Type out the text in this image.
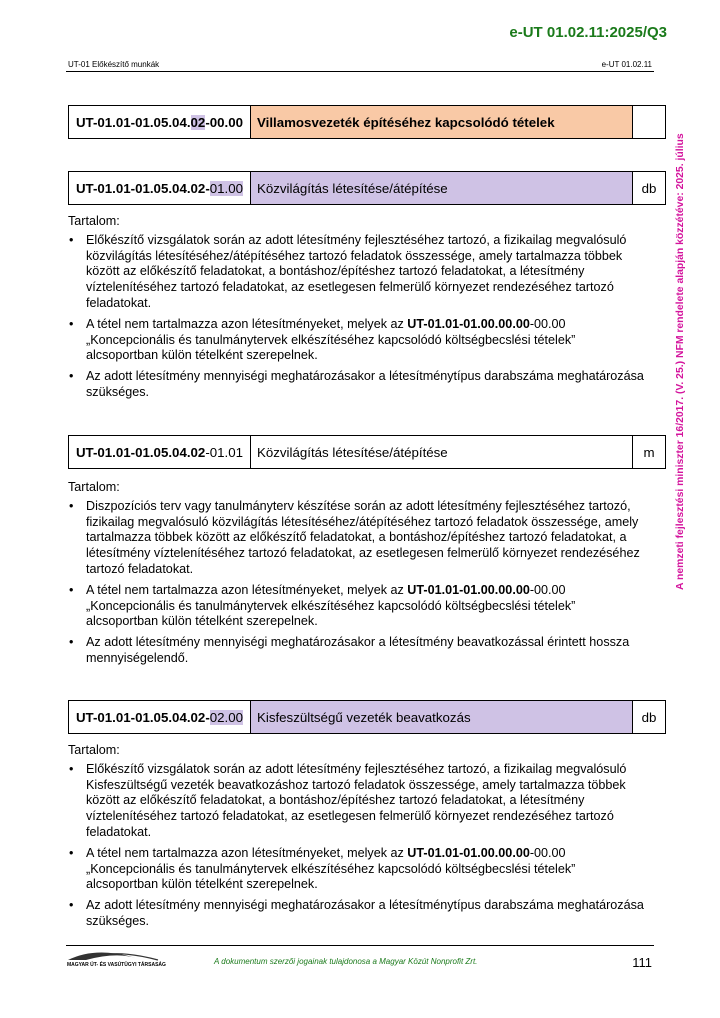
e-UT 01.02.11:2025/Q3
UT-01 Előkészítő munkák	e-UT 01.02.11
A nemzeti fejlesztési miniszter 16/2017. (V. 25.) NFM rendelete alapján közzétéve: 2025. július
UT-01.01-01.05.04. 02 -00.00	Villamosvezeték építéséhez kapcsolódó tételek
UT-01.01-01.05.04.02- 01.00	Közvilágítás létesítése/átépítése	db
Tartalom:
• Előkészítő vizsgálatok során az adott létesítmény fejlesztéséhez tartozó, a fizikailag megvalósuló közvilágítás létesítéséhez/átépítéséhez tartozó feladatok összessége, amely tartalmazza többek között az előkészítő feladatokat, a bontáshoz/építéshez tartozó feladatokat, a létesítmény víztelenítéséhez tartozó feladatokat, az esetlegesen felmerülő környezet rendezéséhez tartozó feladatokat.
• A tétel nem tartalmazza azon létesítményeket, melyek az UT-01.01-01.00.00.00-00.00 „Koncepcionális és tanulmánytervek elkészítéséhez kapcsolódó költségbecslési tételek” alcsoportban külön tételként szerepelnek.
• Az adott létesítmény mennyiségi meghatározásakor a létesítménytípus darabszáma meghatározása szükséges.
UT-01.01-01.05.04.02 -01.01	Közvilágítás létesítése/átépítése	m
Tartalom:
• Diszpozíciós terv vagy tanulmányterv készítése során az adott létesítmény fejlesztéséhez tartozó, fizikailag megvalósuló közvilágítás létesítéséhez/átépítéséhez tartozó feladatok összessége, amely tartalmazza többek között az előkészítő feladatokat, a bontáshoz/építéshez tartozó feladatokat, a létesítmény víztelenítéséhez tartozó feladatokat, az esetlegesen felmerülő környezet rendezéséhez tartozó feladatokat.
• A tétel nem tartalmazza azon létesítményeket, melyek az UT-01.01-01.00.00.00-00.00 „Koncepcionális és tanulmánytervek elkészítéséhez kapcsolódó költségbecslési tételek” alcsoportban külön tételként szerepelnek.
• Az adott létesítmény mennyiségi meghatározásakor a létesítmény beavatkozással érintett hossza mennyiségelendő.
UT-01.01-01.05.04.02- 02.00	Kisfeszültségű vezeték beavatkozás	db
Tartalom:
• Előkészítő vizsgálatok során az adott létesítmény fejlesztéséhez tartozó, a fizikailag megvalósuló Kisfeszültségű vezeték beavatkozáshoz tartozó feladatok összessége, amely tartalmazza többek között az előkészítő feladatokat, a bontáshoz/építéshez tartozó feladatokat, a létesítmény víztelenítéséhez tartozó feladatokat, az esetlegesen felmerülő környezet rendezéséhez tartozó feladatokat.
• A tétel nem tartalmazza azon létesítményeket, melyek az UT-01.01-01.00.00.00-00.00 „Koncepcionális és tanulmánytervek elkészítéséhez kapcsolódó költségbecslési tételek” alcsoportban külön tételként szerepelnek.
• Az adott létesítmény mennyiségi meghatározásakor a létesítménytípus darabszáma meghatározása szükséges.
MAGYAR ÚT- ÉS VASÚTÜGYI TÁRSASÁG	A dokumentum szerzői jogainak tulajdonosa a Magyar Közút Nonprofit Zrt.	111
